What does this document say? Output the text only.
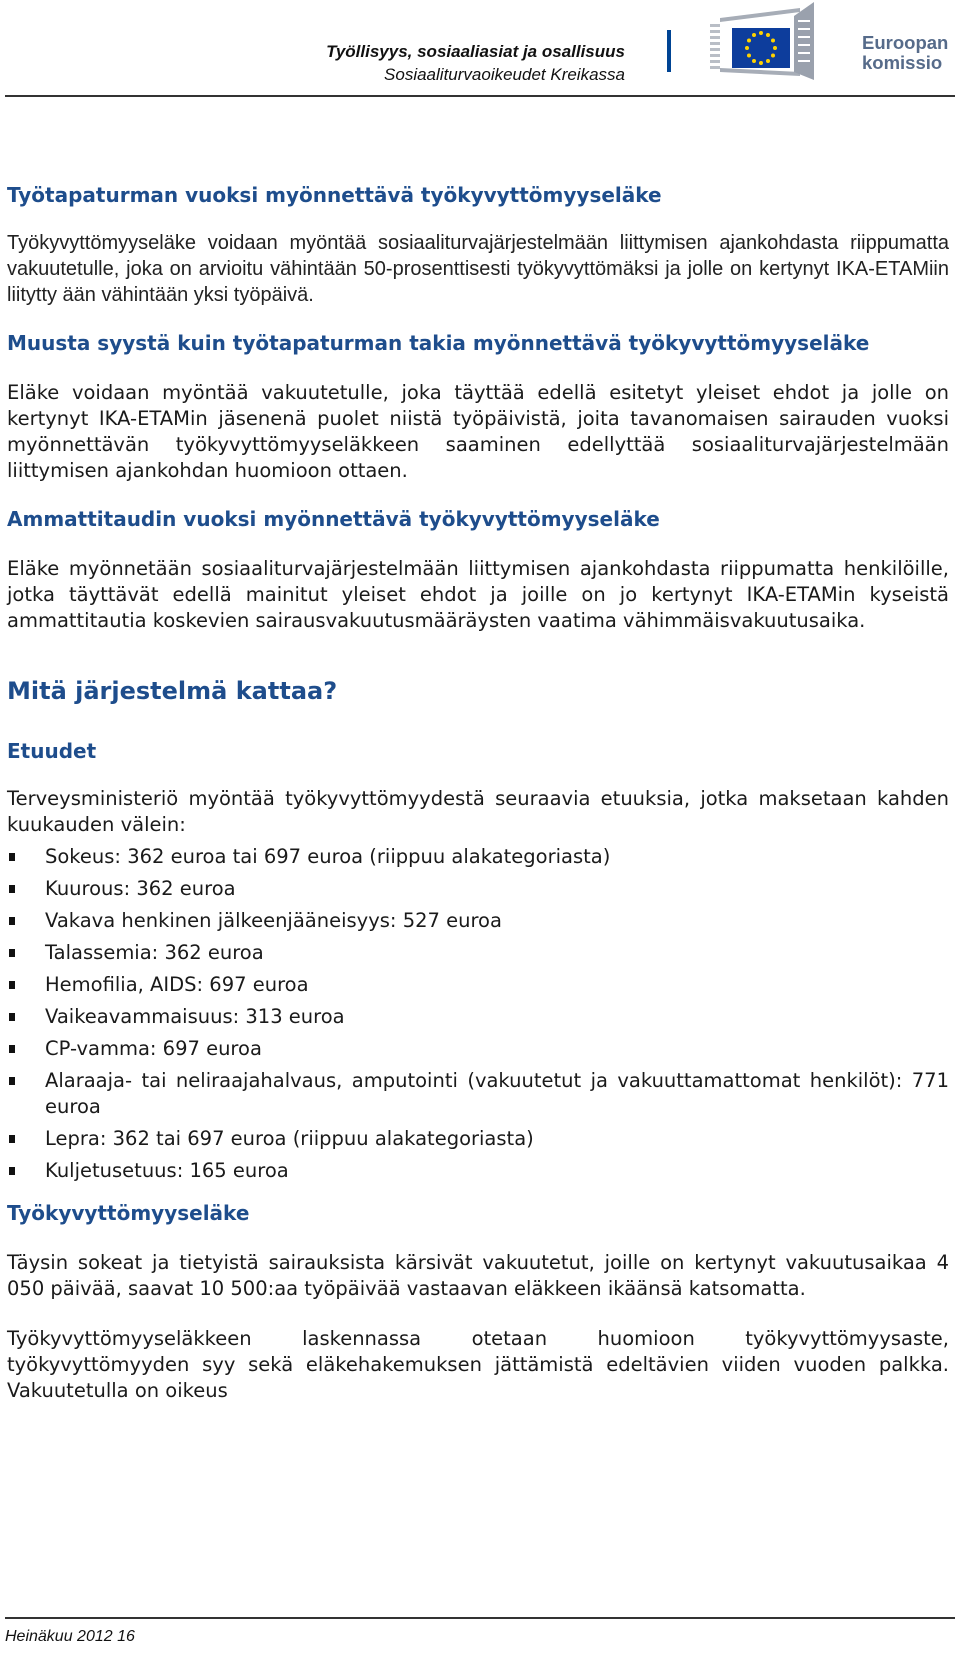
Työllisyys, sosiaaliasiat ja osallisuus
Sosiaaliturvaoikeudet Kreikassa
Euroopan
komissio
Työtapaturman vuoksi myönnettävä työkyvyttömyyseläke

Työkyvyttömyyseläke voidaan myöntää sosiaaliturvajärjestelmään liittymisen ajankohdasta riippumatta vakuutetulle, joka on arvioitu vähintään 50-prosenttisesti työkyvyttömäksi ja jolle on kertynyt IKA-ETAMiin liitytty ään vähintään yksi työpäivä.

Muusta syystä kuin työtapaturman takia myönnettävä työkyvyttömyyseläke

Eläke voidaan myöntää vakuutetulle, joka täyttää edellä esitetyt yleiset ehdot ja jolle on kertynyt IKA-ETAMin jäsenenä puolet niistä työpäivistä, joita tavanomaisen sairauden vuoksi myönnettävän työkyvyttömyyseläkkeen saaminen edellyttää sosiaaliturvajärjestelmään liittymisen ajankohdan huomioon ottaen.

Ammattitaudin vuoksi myönnettävä työkyvyttömyyseläke

Eläke myönnetään sosiaaliturvajärjestelmään liittymisen ajankohdasta riippumatta henkilöille, jotka täyttävät edellä mainitut yleiset ehdot ja joille on jo kertynyt IKA-ETAMin kyseistä ammattitautia koskevien sairausvakuutusmääräysten vaatima vähimmäisvakuutusaika.

Mitä järjestelmä kattaa?
Etuudet

Terveysministeriö myöntää työkyvyttömyydestä seuraavia etuuksia, jotka maksetaan kahden kuukauden välein:

Sokeus: 362 euroa tai 697 euroa (riippuu alakategoriasta)
Kuurous: 362 euroa
Vakava henkinen jälkeenjääneisyys: 527 euroa
Talassemia: 362 euroa
Hemofilia, AIDS: 697 euroa
Vaikeavammaisuus: 313 euroa
CP-vamma: 697 euroa
Alaraaja- tai neliraajahalvaus, amputointi (vakuutetut ja vakuuttamattomat henkilöt): 771 euroa
Lepra: 362 tai 697 euroa (riippuu alakategoriasta)
Kuljetusetuus: 165 euroa
Työkyvyttömyyseläke

Täysin sokeat ja tietyistä sairauksista kärsivät vakuutetut, joille on kertynyt vakuutusaikaa 4 050 päivää, saavat 10 500:aa työpäivää vastaavan eläkkeen ikäänsä katsomatta.

Työkyvyttömyyseläkkeen laskennassa otetaan huomioon työkyvyttömyysaste, työkyvyttömyyden syy sekä eläkehakemuksen jättämistä edeltävien viiden vuoden palkka. Vakuutetulla on oikeus

Heinäkuu 2012 16
